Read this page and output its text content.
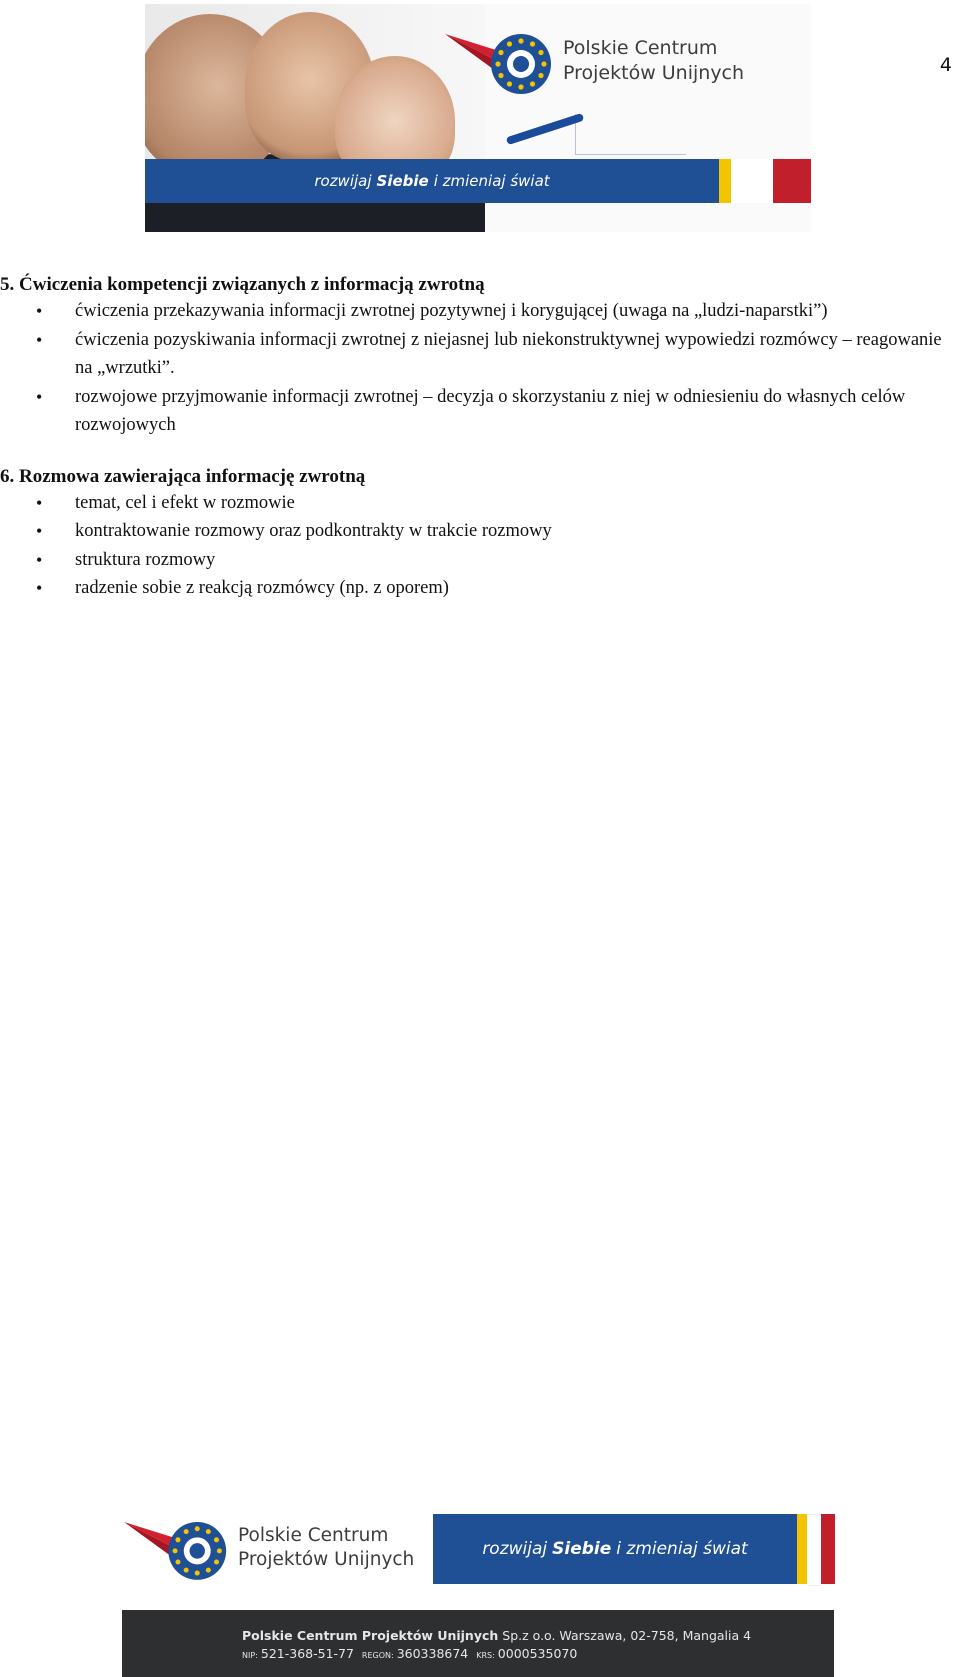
Polskie Centrum
Projektów Unijnych
rozwijaj Siebie i zmieniaj świat
4
5. Ćwiczenia kompetencji związanych z informacją zwrotną
• ćwiczenia przekazywania informacji zwrotnej pozytywnej i korygującej (uwaga na „ludzi-naparstki”)
• ćwiczenia pozyskiwania informacji zwrotnej z niejasnej lub niekonstruktywnej wypowiedzi rozmówcy – reagowanie na „wrzutki”.
• rozwojowe przyjmowanie informacji zwrotnej – decyzja o skorzystaniu z niej w odniesieniu do własnych celów rozwojowych
6. Rozmowa zawierająca informację zwrotną
• temat, cel i efekt w rozmowie
• kontraktowanie rozmowy oraz podkontrakty w trakcie rozmowy
• struktura rozmowy
• radzenie sobie z reakcją rozmówcy (np. z oporem)
Polskie Centrum
Projektów Unijnych	rozwijaj Siebie i zmieniaj świat
Polskie Centrum Projektów Unijnych Sp.z o.o. Warszawa, 02-758, Mangalia 4
NIP: 521-368-51-77 REGON: 360338674 KRS: 0000535070
